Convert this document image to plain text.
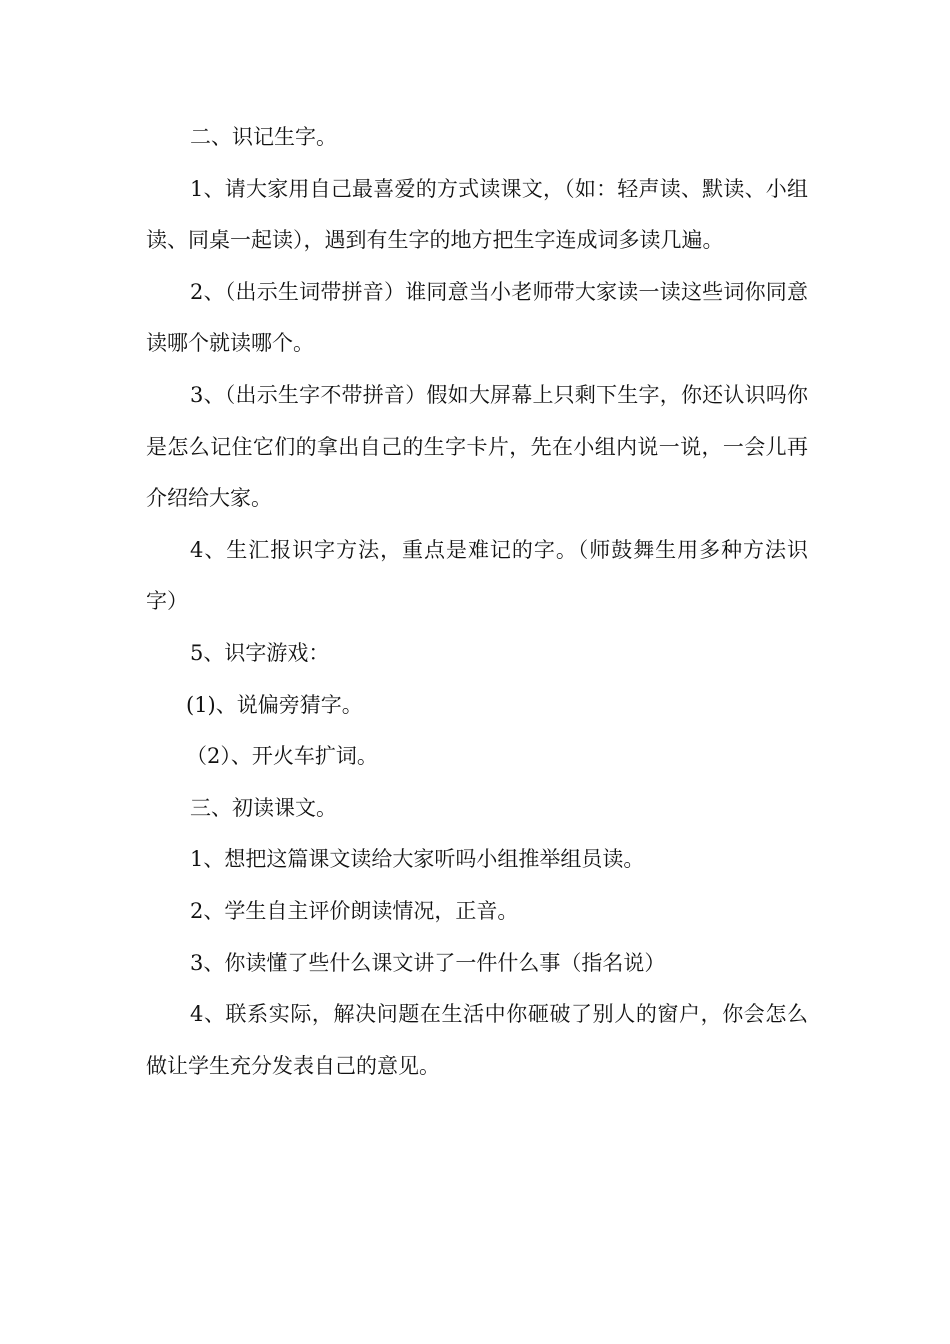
二、识记生字。

1、请大家用自己最喜爱的方式读课文，（如：轻声读、默读、小组读、同桌一起读），遇到有生字的地方把生字连成词多读几遍。

2、（出示生词带拼音）谁同意当小老师带大家读一读这些词你同意读哪个就读哪个。

3、（出示生字不带拼音）假如大屏幕上只剩下生字，你还认识吗你是怎么记住它们的拿出自己的生字卡片，先在小组内说一说，一会儿再介绍给大家。

4、生汇报识字方法，重点是难记的字。（师鼓舞生用多种方法识字）

5、识字游戏：

(1)、说偏旁猜字。

（2）、开火车扩词。

三、初读课文。

1、想把这篇课文读给大家听吗小组推举组员读。

2、学生自主评价朗读情况，正音。

3、你读懂了些什么课文讲了一件什么事（指名说）

4、联系实际，解决问题在生活中你砸破了别人的窗户，你会怎么做让学生充分发表自己的意见。
